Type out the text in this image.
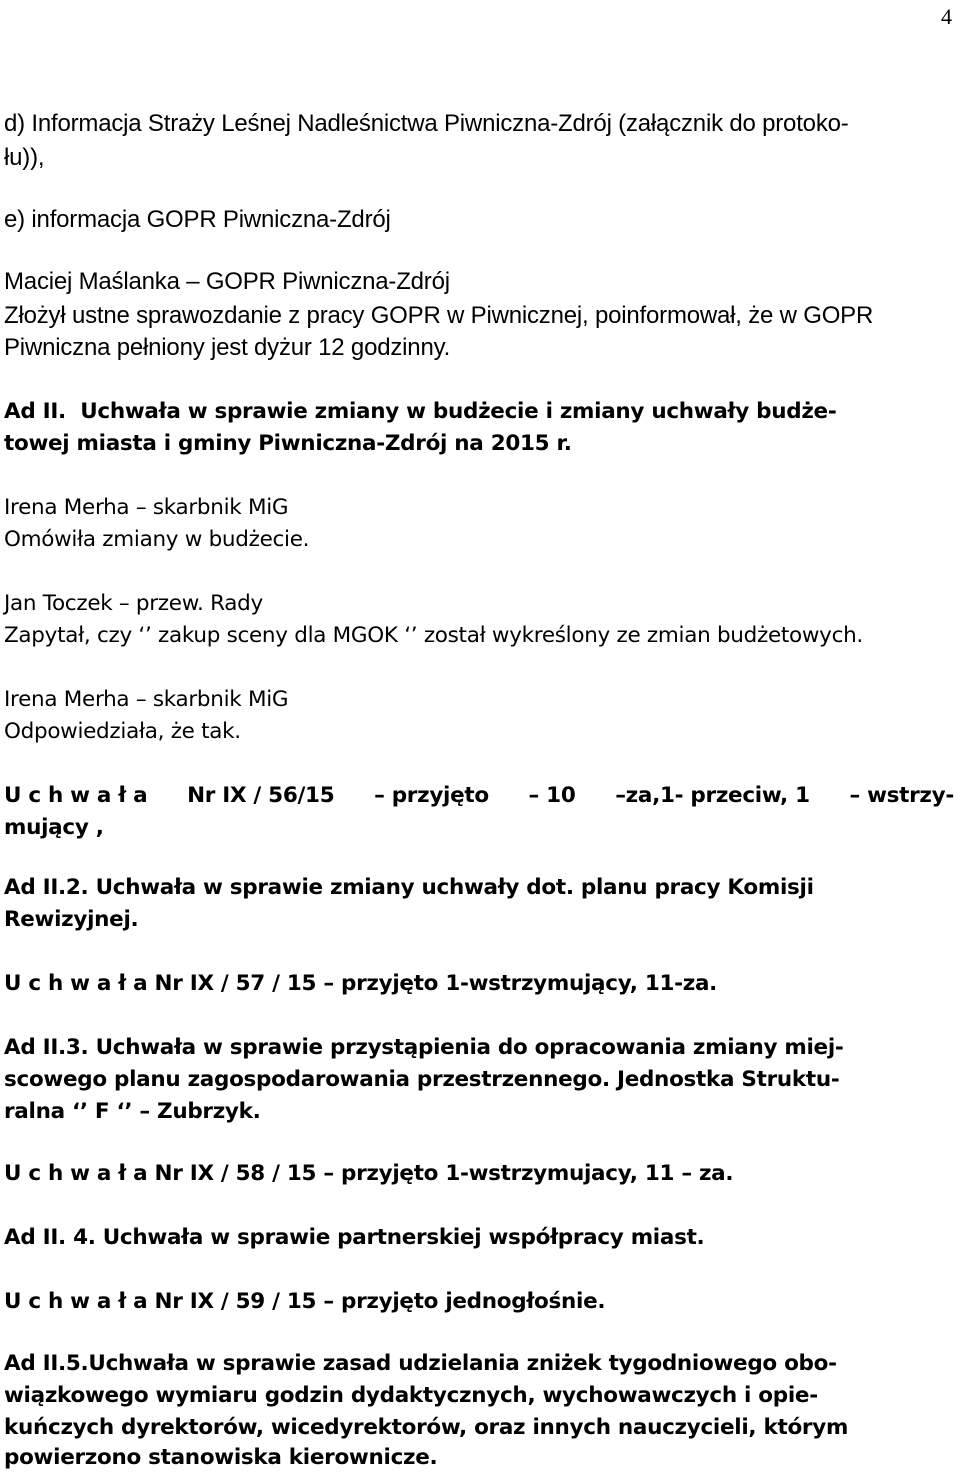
4
d) Informacja Straży Leśnej Nadleśnictwa Piwniczna-Zdrój (załącznik do protoko-
łu)),
e) informacja GOPR Piwniczna-Zdrój
Maciej Maślanka – GOPR Piwniczna-Zdrój
Złożył ustne sprawozdanie z pracy GOPR w Piwnicznej, poinformował, że w GOPR
Piwniczna pełniony jest dyżur 12 godzinny.
Ad II. Uchwała w sprawie zmiany w budżecie i zmiany uchwały budże-
towej miasta i gminy Piwniczna-Zdrój na 2015 r.
Irena Merha – skarbnik MiG
Omówiła zmiany w budżecie.
Jan Toczek – przew. Rady
Zapytał, czy ‘’ zakup sceny dla MGOK ‘’ został wykreślony ze zmian budżetowych.
Irena Merha – skarbnik MiG
Odpowiedziała, że tak.
U c h w a ł a Nr IX / 56/15 – przyjęto – 10 –za,1- przeciw, 1 – wstrzy-
mujący ,
Ad II.2. Uchwała w sprawie zmiany uchwały dot. planu pracy Komisji
Rewizyjnej.
U c h w a ł a Nr IX / 57 / 15 – przyjęto 1-wstrzymujący, 11-za.
Ad II.3. Uchwała w sprawie przystąpienia do opracowania zmiany miej-
scowego planu zagospodarowania przestrzennego. Jednostka Struktu-
ralna ‘’ F ‘’ – Zubrzyk.
U c h w a ł a Nr IX / 58 / 15 – przyjęto 1-wstrzymujacy, 11 – za.
Ad II. 4. Uchwała w sprawie partnerskiej współpracy miast.
U c h w a ł a Nr IX / 59 / 15 – przyjęto jednogłośnie.
Ad II.5.Uchwała w sprawie zasad udzielania zniżek tygodniowego obo-
wiązkowego wymiaru godzin dydaktycznych, wychowawczych i opie-
kuńczych dyrektorów, wicedyrektorów, oraz innych nauczycieli, którym
powierzono stanowiska kierownicze.
